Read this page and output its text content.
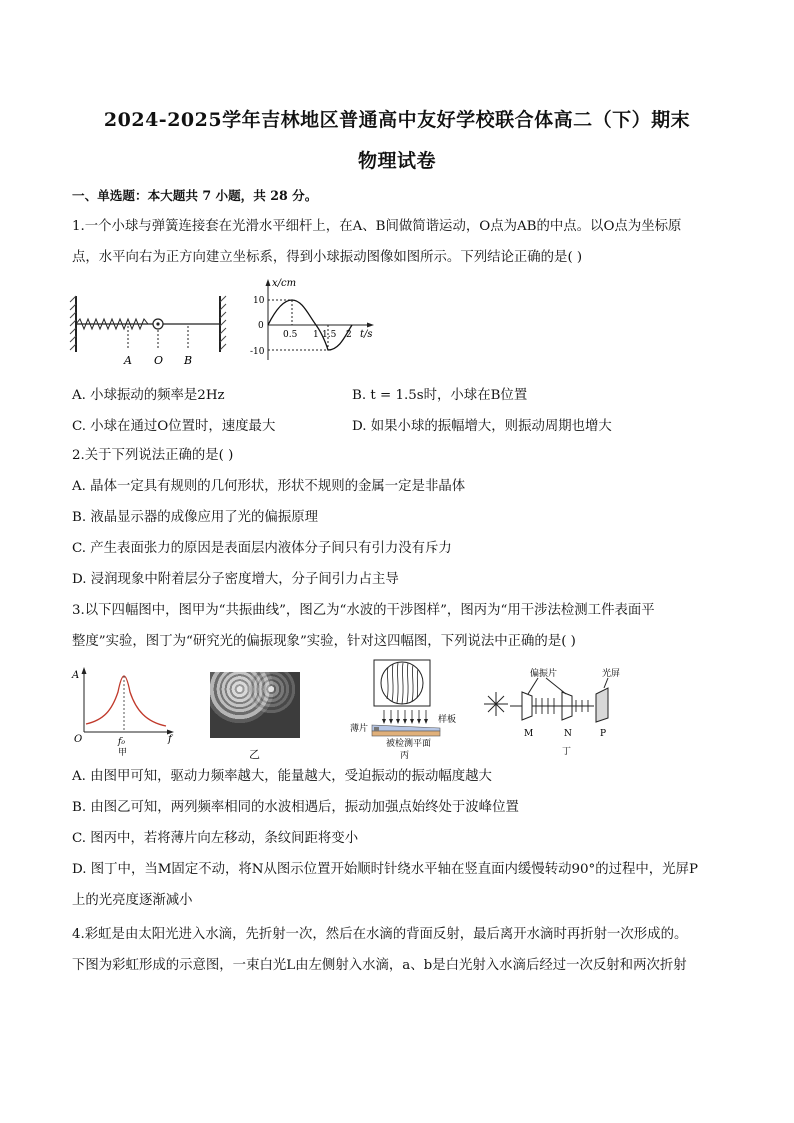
2024-2025学年吉林地区普通高中友好学校联合体高二（下）期末
物理试卷
一、单选题：本大题共 7 小题，共 28 分。
1.一个小球与弹簧连接套在光滑水平细杆上，在A、B间做简谐运动，O点为AB的中点。以O点为坐标原
点，水平向右为正方向建立坐标系，得到小球振动图像如图所示。下列结论正确的是( )
A O B
x/cm
t/s
10
0
-10
0.5 1 1.5 2
A. 小球振动的频率是2Hz	B. t = 1.5s时，小球在B位置
C. 小球在通过O位置时，速度最大	D. 如果小球的振幅增大，则振动周期也增大
2.关于下列说法正确的是( )
A. 晶体一定具有规则的几何形状，形状不规则的金属一定是非晶体
B. 液晶显示器的成像应用了光的偏振原理
C. 产生表面张力的原因是表面层内液体分子间只有引力没有斥力
D. 浸润现象中附着层分子密度增大，分子间引力占主导
3.以下四幅图中，图甲为“共振曲线”，图乙为“水波的干涉图样”，图丙为“用干涉法检测工件表面平
整度”实验，图丁为“研究光的偏振现象”实验，针对这四幅图，下列说法中正确的是( )
A
O	f
f₀
甲	乙
薄片
样板
被检测平面
丙
偏振片	光屏
M	N	P
丁
A. 由图甲可知，驱动力频率越大，能量越大，受迫振动的振动幅度越大
B. 由图乙可知，两列频率相同的水波相遇后，振动加强点始终处于波峰位置
C. 图丙中，若将薄片向左移动，条纹间距将变小
D. 图丁中，当M固定不动，将N从图示位置开始顺时针绕水平轴在竖直面内缓慢转动90°的过程中，光屏P
上的光亮度逐渐减小
4.彩虹是由太阳光进入水滴，先折射一次，然后在水滴的背面反射，最后离开水滴时再折射一次形成的。
下图为彩虹形成的示意图，一束白光L由左侧射入水滴，a、b是白光射入水滴后经过一次反射和两次折射
